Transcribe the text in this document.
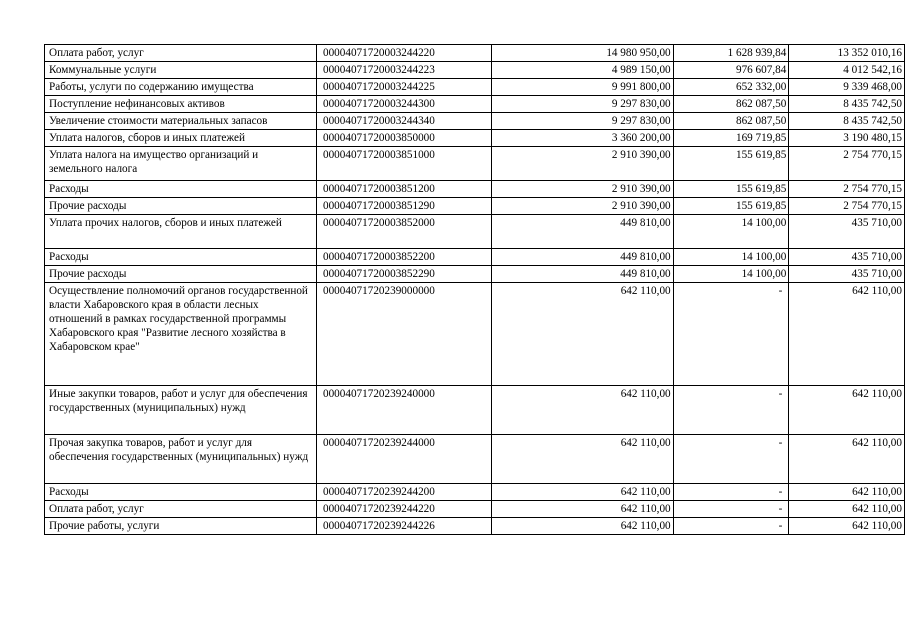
Оплата работ, услуг	00004071720003244220	14 980 950,00	1 628 939,84	13 352 010,16
Коммунальные услуги	00004071720003244223	4 989 150,00	976 607,84	4 012 542,16
Работы, услуги по содержанию имущества	00004071720003244225	9 991 800,00	652 332,00	9 339 468,00
Поступление нефинансовых активов	00004071720003244300	9 297 830,00	862 087,50	8 435 742,50
Увеличение стоимости материальных запасов	00004071720003244340	9 297 830,00	862 087,50	8 435 742,50
Уплата налогов, сборов и иных платежей	00004071720003850000	3 360 200,00	169 719,85	3 190 480,15
Уплата налога на имущество организаций и земельного налога	00004071720003851000	2 910 390,00	155 619,85	2 754 770,15
Расходы	00004071720003851200	2 910 390,00	155 619,85	2 754 770,15
Прочие расходы	00004071720003851290	2 910 390,00	155 619,85	2 754 770,15
Уплата прочих налогов, сборов и иных платежей	00004071720003852000	449 810,00	14 100,00	435 710,00
Расходы	00004071720003852200	449 810,00	14 100,00	435 710,00
Прочие расходы	00004071720003852290	449 810,00	14 100,00	435 710,00
Осуществление полномочий органов государственной власти Хабаровского края в области лесных отношений в рамках государственной программы Хабаровского края "Развитие лесного хозяйства в Хабаровском крае"	00004071720239000000	642 110,00	-	642 110,00
Иные закупки товаров, работ и услуг для обеспечения государственных (муниципальных) нужд	00004071720239240000	642 110,00	-	642 110,00
Прочая закупка товаров, работ и услуг для обеспечения государственных (муниципальных) нужд	00004071720239244000	642 110,00	-	642 110,00
Расходы	00004071720239244200	642 110,00	-	642 110,00
Оплата работ, услуг	00004071720239244220	642 110,00	-	642 110,00
Прочие работы, услуги	00004071720239244226	642 110,00	-	642 110,00
